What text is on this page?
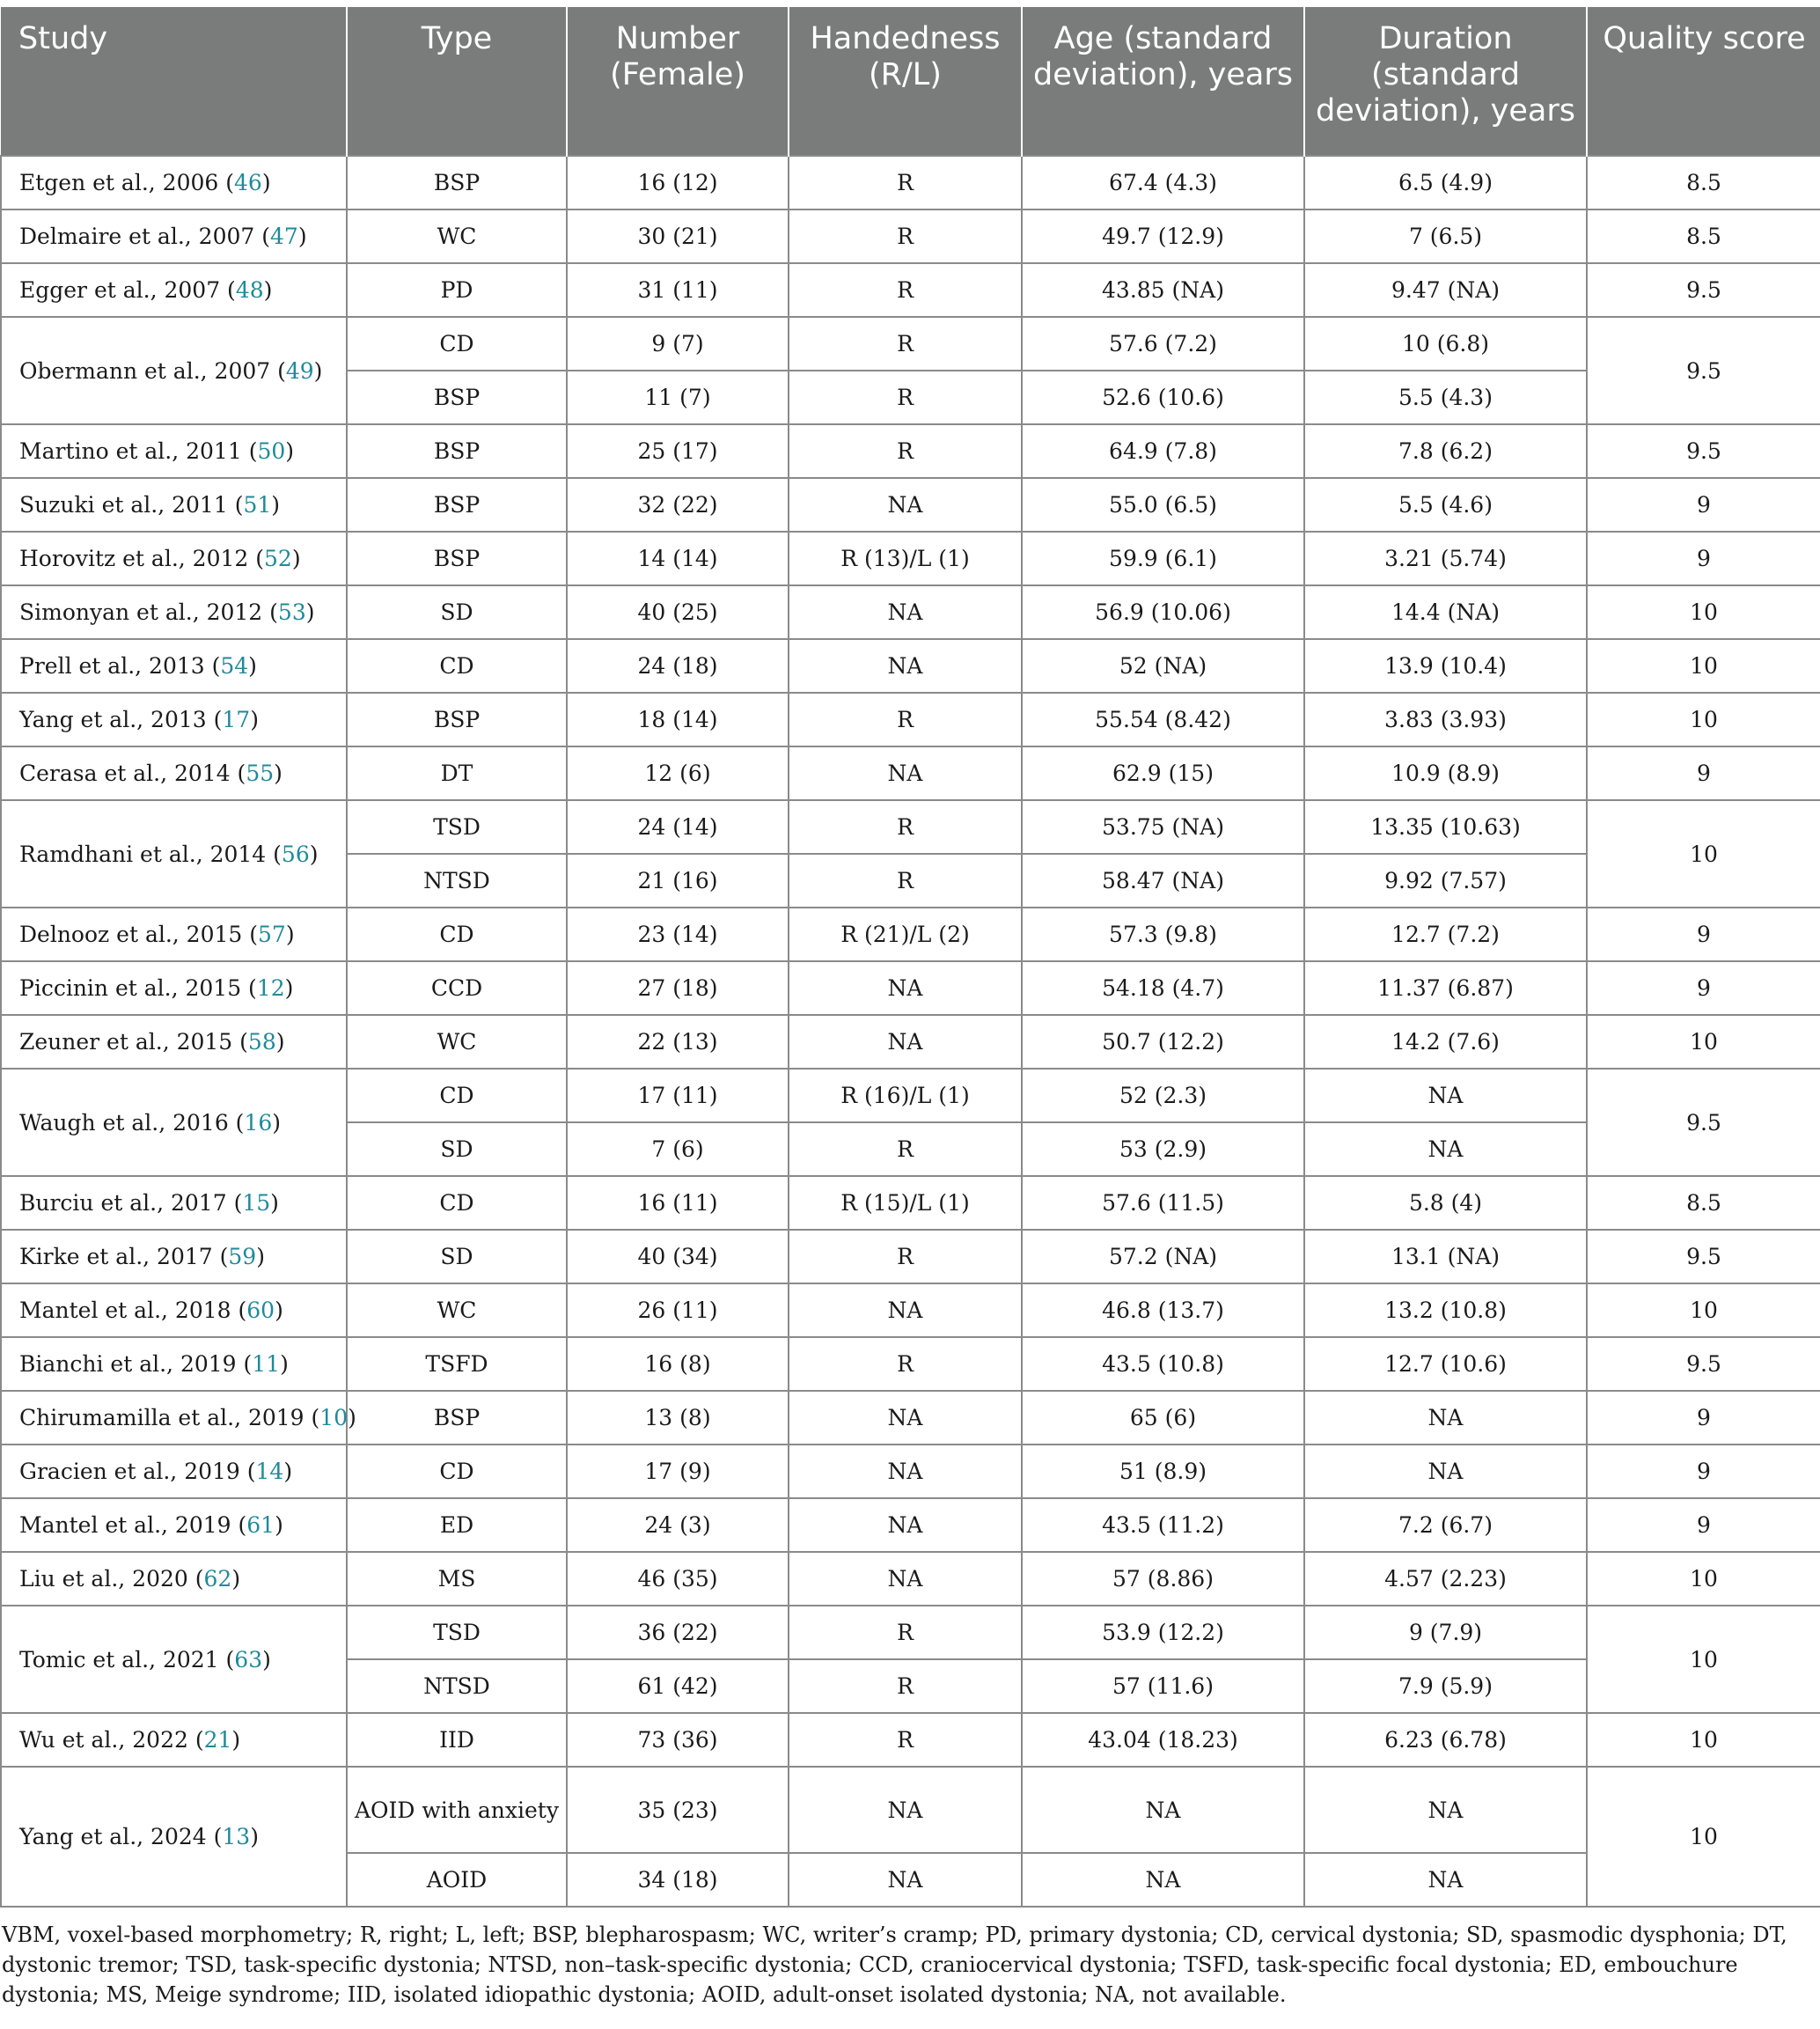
Study	Type	Number (Female)	Handedness (R/L)	Age (standard deviation), years	Duration (standard deviation), years	Quality score
Etgen et al., 2006 (46)	BSP	16 (12)	R	67.4 (4.3)	6.5 (4.9)	8.5
Delmaire et al., 2007 (47)	WC	30 (21)	R	49.7 (12.9)	7 (6.5)	8.5
Egger et al., 2007 (48)	PD	31 (11)	R	43.85 (NA)	9.47 (NA)	9.5
Obermann et al., 2007 (49)	CD	9 (7)	R	57.6 (7.2)	10 (6.8)	9.5
	BSP	11 (7)	R	52.6 (10.6)	5.5 (4.3)	
Martino et al., 2011 (50)	BSP	25 (17)	R	64.9 (7.8)	7.8 (6.2)	9.5
Suzuki et al., 2011 (51)	BSP	32 (22)	NA	55.0 (6.5)	5.5 (4.6)	9
Horovitz et al., 2012 (52)	BSP	14 (14)	R (13)/L (1)	59.9 (6.1)	3.21 (5.74)	9
Simonyan et al., 2012 (53)	SD	40 (25)	NA	56.9 (10.06)	14.4 (NA)	10
Prell et al., 2013 (54)	CD	24 (18)	NA	52 (NA)	13.9 (10.4)	10
Yang et al., 2013 (17)	BSP	18 (14)	R	55.54 (8.42)	3.83 (3.93)	10
Cerasa et al., 2014 (55)	DT	12 (6)	NA	62.9 (15)	10.9 (8.9)	9
Ramdhani et al., 2014 (56)	TSD	24 (14)	R	53.75 (NA)	13.35 (10.63)	10
	NTSD	21 (16)	R	58.47 (NA)	9.92 (7.57)	
Delnooz et al., 2015 (57)	CD	23 (14)	R (21)/L (2)	57.3 (9.8)	12.7 (7.2)	9
Piccinin et al., 2015 (12)	CCD	27 (18)	NA	54.18 (4.7)	11.37 (6.87)	9
Zeuner et al., 2015 (58)	WC	22 (13)	NA	50.7 (12.2)	14.2 (7.6)	10
Waugh et al., 2016 (16)	CD	17 (11)	R (16)/L (1)	52 (2.3)	NA	9.5
	SD	7 (6)	R	53 (2.9)	NA	
Burciu et al., 2017 (15)	CD	16 (11)	R (15)/L (1)	57.6 (11.5)	5.8 (4)	8.5
Kirke et al., 2017 (59)	SD	40 (34)	R	57.2 (NA)	13.1 (NA)	9.5
Mantel et al., 2018 (60)	WC	26 (11)	NA	46.8 (13.7)	13.2 (10.8)	10
Bianchi et al., 2019 (11)	TSFD	16 (8)	R	43.5 (10.8)	12.7 (10.6)	9.5
Chirumamilla et al., 2019 (10)	BSP	13 (8)	NA	65 (6)	NA	9
Gracien et al., 2019 (14)	CD	17 (9)	NA	51 (8.9)	NA	9
Mantel et al., 2019 (61)	ED	24 (3)	NA	43.5 (11.2)	7.2 (6.7)	9
Liu et al., 2020 (62)	MS	46 (35)	NA	57 (8.86)	4.57 (2.23)	10
Tomic et al., 2021 (63)	TSD	36 (22)	R	53.9 (12.2)	9 (7.9)	10
	NTSD	61 (42)	R	57 (11.6)	7.9 (5.9)	
Wu et al., 2022 (21)	IID	73 (36)	R	43.04 (18.23)	6.23 (6.78)	10
Yang et al., 2024 (13)	AOID with anxiety	35 (23)	NA	NA	NA	10
	AOID	34 (18)	NA	NA	NA	
VBM, voxel-based morphometry; R, right; L, left; BSP, blepharospasm; WC, writer’s cramp; PD, primary dystonia; CD, cervical dystonia; SD, spasmodic dysphonia; DT, dystonic tremor; TSD, task-specific dystonia; NTSD, non–task-specific dystonia; CCD, craniocervical dystonia; TSFD, task-specific focal dystonia; ED, embouchure dystonia; MS, Meige syndrome; IID, isolated idiopathic dystonia; AOID, adult-onset isolated dystonia; NA, not available.
